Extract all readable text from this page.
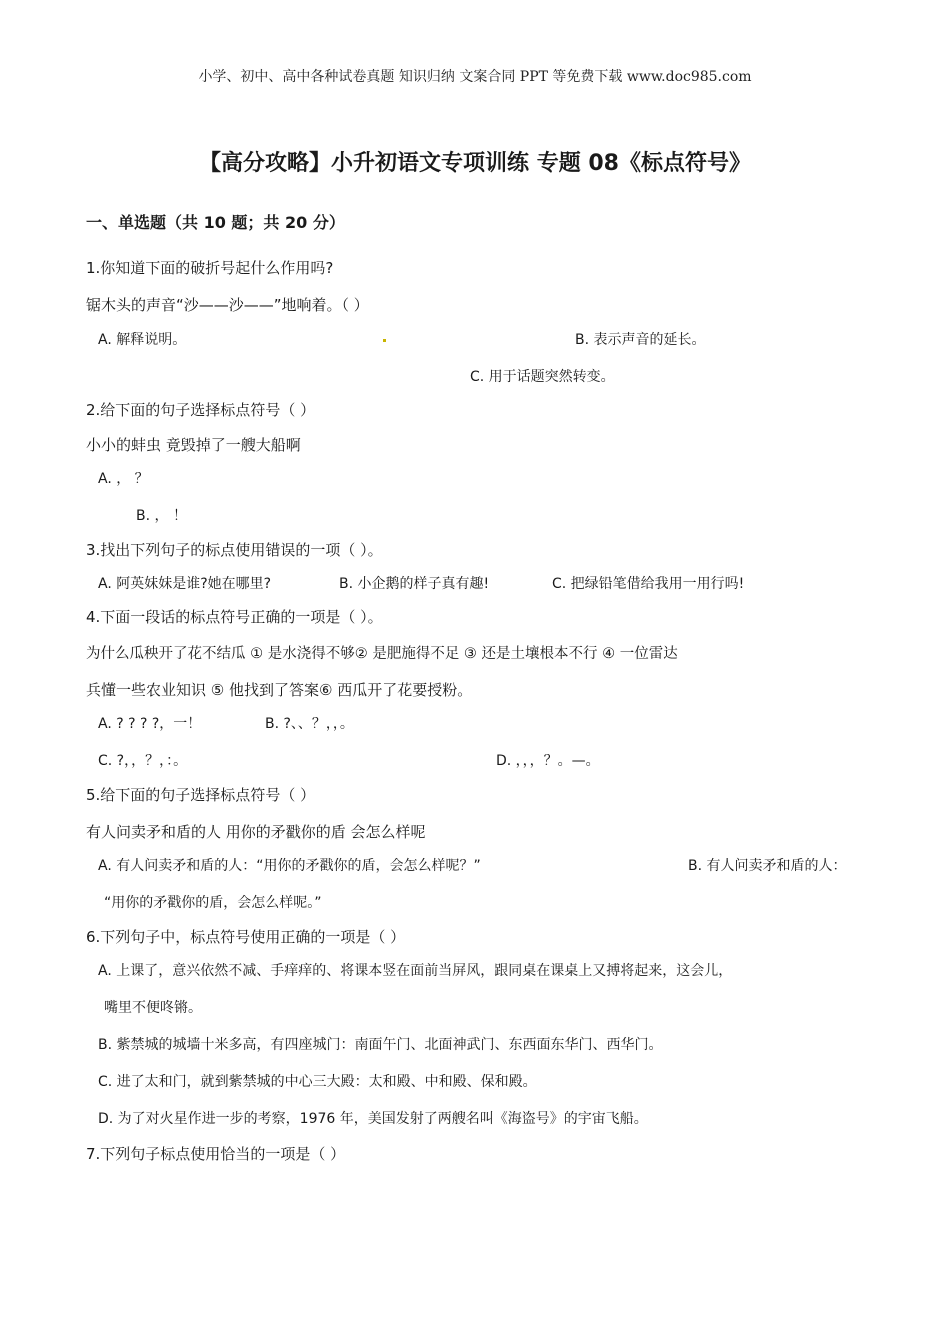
小学、初中、高中各种试卷真题 知识归纳 文案合同 PPT 等免费下载 www.doc985.com
【高分攻略】小升初语文专项训练 专题 08《标点符号》
一、单选题（共 10 题；共 20 分）
1.你知道下面的破折号起什么作用吗?
锯木头的声音“沙——沙——”地响着。（ ）
A. 解释说明。	B. 表示声音的延长。
C. 用于话题突然转变。
2.给下面的句子选择标点符号（ ）
小小的蚌虫 竟毁掉了一艘大船啊
A. ， ？
B. ， ！
3.找出下列句子的标点使用错误的一项（ ）。
A. 阿英妹妹是谁?她在哪里?	B. 小企鹅的样子真有趣!	C. 把绿铅笔借给我用一用行吗!
4.下面一段话的标点符号正确的一项是（ ）。
为什么瓜秧开了花不结瓜 ① 是水浇得不够② 是肥施得不足 ③ 还是土壤根本不行 ④ 一位雷达
兵懂一些农业知识 ⑤ 他找到了答案⑥ 西瓜开了花要授粉。
A. ? ? ? ?，一！	B. ?、、？，，。
C. ?，，？，：。	D. ，，，？。—。
5.给下面的句子选择标点符号（ ）
有人问卖矛和盾的人 用你的矛戳你的盾 会怎么样呢
A. 有人问卖矛和盾的人：“用你的矛戳你的盾，会怎么样呢？”	B. 有人问卖矛和盾的人：
“用你的矛戳你的盾，会怎么样呢。”
6.下列句子中，标点符号使用正确的一项是（ ）
A. 上课了，意兴依然不减、手痒痒的、将课本竖在面前当屏风，跟同桌在课桌上又搏将起来，这会儿，
嘴里不便咚锵。
B. 紫禁城的城墙十米多高，有四座城门：南面午门、北面神武门、东西面东华门、西华门。
C. 进了太和门，就到紫禁城的中心三大殿：太和殿、中和殿、保和殿。
D. 为了对火星作进一步的考察，1976 年，美国发射了两艘名叫《海盗号》的宇宙飞船。
7.下列句子标点使用恰当的一项是（ ）
